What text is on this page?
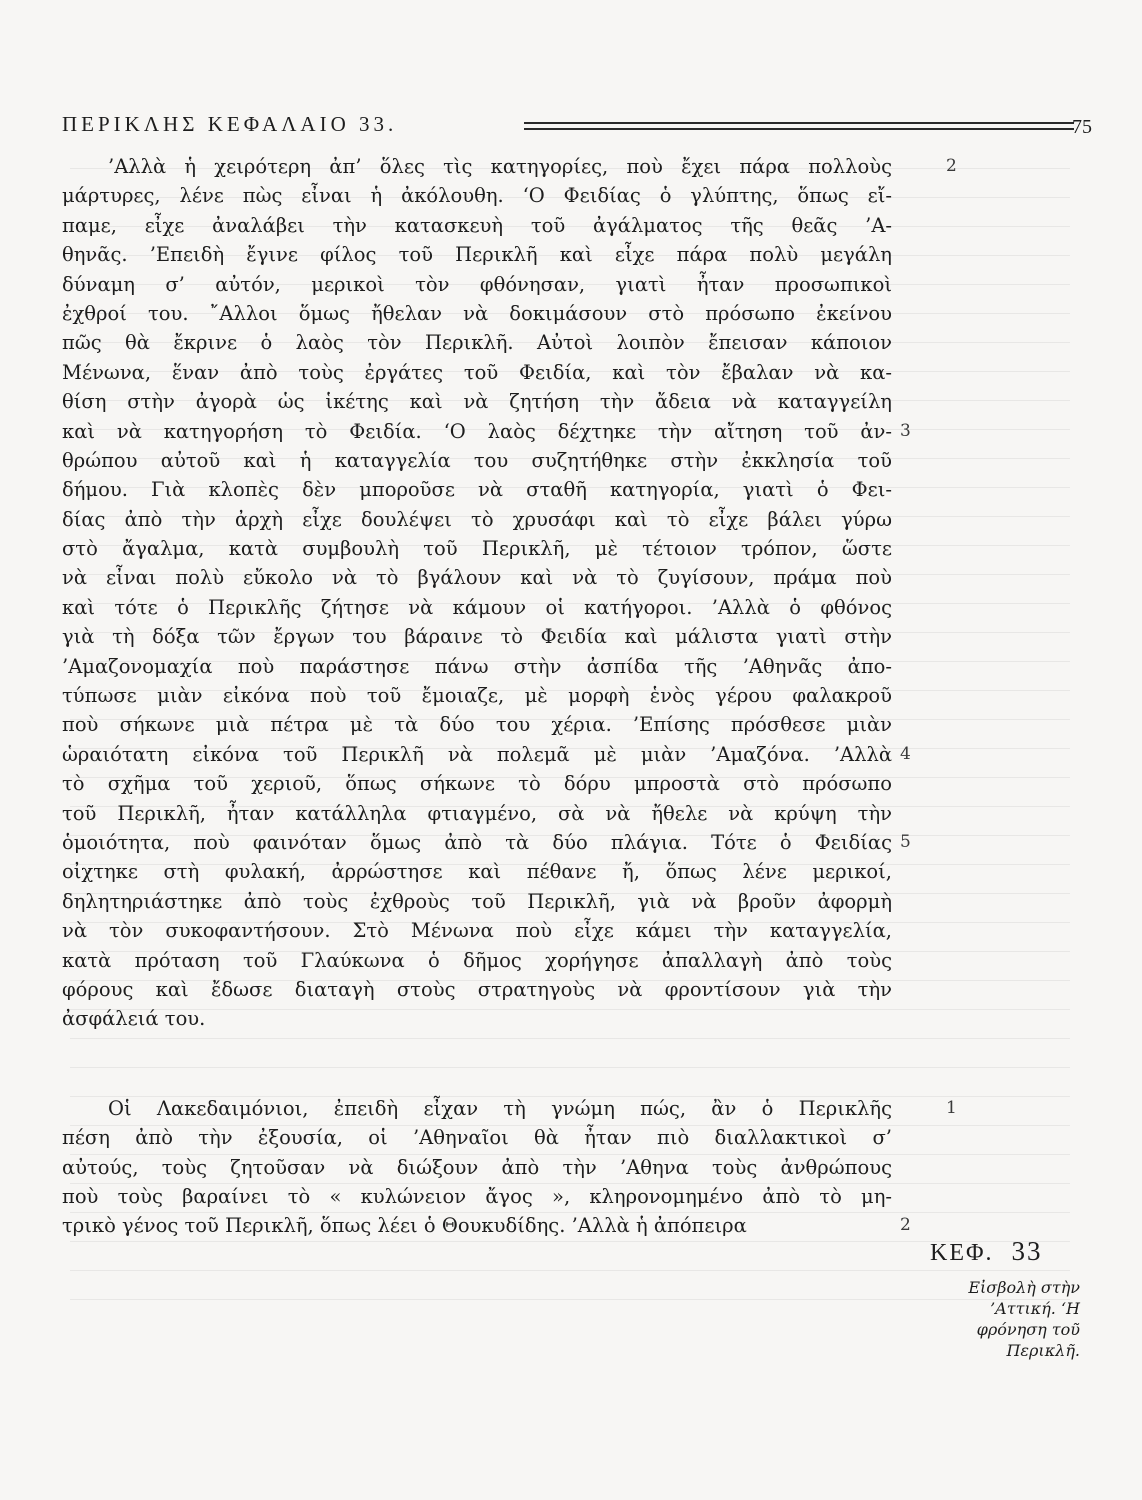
ΠΕΡΙΚΛΗΣ ΚΕΦΑΛΑΙΟ 33.	75
’Αλλὰ ἡ χειρότερη ἀπ’ ὅλες τὶς κατηγορίες, ποὺ ἔχει πάρα πολλοὺς	2
μάρτυρες, λένε πὼς εἶναι ἡ ἀκόλουθη. ‘Ο Φειδίας ὁ γλύπτης, ὅπως εἴ-
παμε, εἶχε ἀναλάβει τὴν κατασκευὴ τοῦ ἀγάλματος τῆς θεᾶς ’Α-
θηνᾶς. ’Επειδὴ ἔγινε φίλος τοῦ Περικλῆ καὶ εἶχε πάρα πολὺ μεγάλη
δύναμη σ’ αὐτόν, μερικοὶ τὸν φθόνησαν, γιατὶ ἦταν προσωπικοὶ
ἐχθροί του. ῎Αλλοι ὅμως ἤθελαν νὰ δοκιμάσουν στὸ πρόσωπο ἐκείνου
πῶς θὰ ἔκρινε ὁ λαὸς τὸν Περικλῆ. Αὐτοὶ λοιπὸν ἔπεισαν κάποιον
Μένωνα, ἕναν ἀπὸ τοὺς ἐργάτες τοῦ Φειδία, καὶ τὸν ἔβαλαν νὰ κα-
θίση στὴν ἀγορὰ ὡς ἱκέτης καὶ νὰ ζητήση τὴν ἄδεια νὰ καταγγείλη
καὶ νὰ κατηγορήση τὸ Φειδία. ‘Ο λαὸς δέχτηκε τὴν αἴτηση τοῦ ἀν- 3
θρώπου αὐτοῦ καὶ ἡ καταγγελία του συζητήθηκε στὴν ἐκκλησία τοῦ
δήμου. Γιὰ κλοπὲς δὲν μποροῦσε νὰ σταθῆ κατηγορία, γιατὶ ὁ Φει-
δίας ἀπὸ τὴν ἀρχὴ εἶχε δουλέψει τὸ χρυσάφι καὶ τὸ εἶχε βάλει γύρω
στὸ ἄγαλμα, κατὰ συμβουλὴ τοῦ Περικλῆ, μὲ τέτοιον τρόπον, ὥστε
νὰ εἶναι πολὺ εὔκολο νὰ τὸ βγάλουν καὶ νὰ τὸ ζυγίσουν, πράμα ποὺ
καὶ τότε ὁ Περικλῆς ζήτησε νὰ κάμουν οἱ κατήγοροι. ’Αλλὰ ὁ φθόνος
γιὰ τὴ δόξα τῶν ἔργων του βάραινε τὸ Φειδία καὶ μάλιστα γιατὶ στὴν
’Αμαζονομαχία ποὺ παράστησε πάνω στὴν ἀσπίδα τῆς ’Αθηνᾶς ἀπο-
τύπωσε μιὰν εἰκόνα ποὺ τοῦ ἔμοιαζε, μὲ μορφὴ ἑνὸς γέρου φαλακροῦ
ποὺ σήκωνε μιὰ πέτρα μὲ τὰ δύο του χέρια. ’Επίσης πρόσθεσε μιὰν
ὡραιότατη εἰκόνα τοῦ Περικλῆ νὰ πολεμᾶ μὲ μιὰν ’Αμαζόνα. ’Αλλὰ 4
τὸ σχῆμα τοῦ χεριοῦ, ὅπως σήκωνε τὸ δόρυ μπροστὰ στὸ πρόσωπο
τοῦ Περικλῆ, ἦταν κατάλληλα φτιαγμένο, σὰ νὰ ἤθελε νὰ κρύψη τὴν
ὁμοιότητα, ποὺ φαινόταν ὅμως ἀπὸ τὰ δύο πλάγια. Τότε ὁ Φειδίας 5
οἰχτηκε στὴ φυλακή, ἀρρώστησε καὶ πέθανε ἤ, ὅπως λένε μερικοί,
δηλητηριάστηκε ἀπὸ τοὺς ἐχθροὺς τοῦ Περικλῆ, γιὰ νὰ βροῦν ἀφορμὴ
νὰ τὸν συκοφαντήσουν. Στὸ Μένωνα ποὺ εἶχε κάμει τὴν καταγγελία,
κατὰ πρόταση τοῦ Γλαύκωνα ὁ δῆμος χορήγησε ἀπαλλαγὴ ἀπὸ τοὺς
φόρους καὶ ἔδωσε διαταγὴ στοὺς στρατηγοὺς νὰ φροντίσουν γιὰ τὴν
ἀσφάλειά του.
Οἱ Λακεδαιμόνιοι, ἐπειδὴ εἶχαν τὴ γνώμη πώς, ἂν ὁ Περικλῆς	1
πέση ἀπὸ τὴν ἐξουσία, οἱ ’Αθηναῖοι θὰ ἦταν πιὸ διαλλακτικοὶ σ’
αὐτούς, τοὺς ζητοῦσαν νὰ διώξουν ἀπὸ τὴν ’Αθηνα τοὺς ἀνθρώπους
ποὺ τοὺς βαραίνει τὸ « κυλώνειον ἄγος », κληρονομημένο ἀπὸ τὸ μη-
τρικὸ γένος τοῦ Περικλῆ, ὅπως λέει ὁ Θουκυδίδης. ’Αλλὰ ἡ ἀπόπειρα	2
ΚΕΦ. 33
Εἰσβολὴ στὴν
’Αττική. ‘Η
φρόνηση τοῦ
Περικλῆ.
